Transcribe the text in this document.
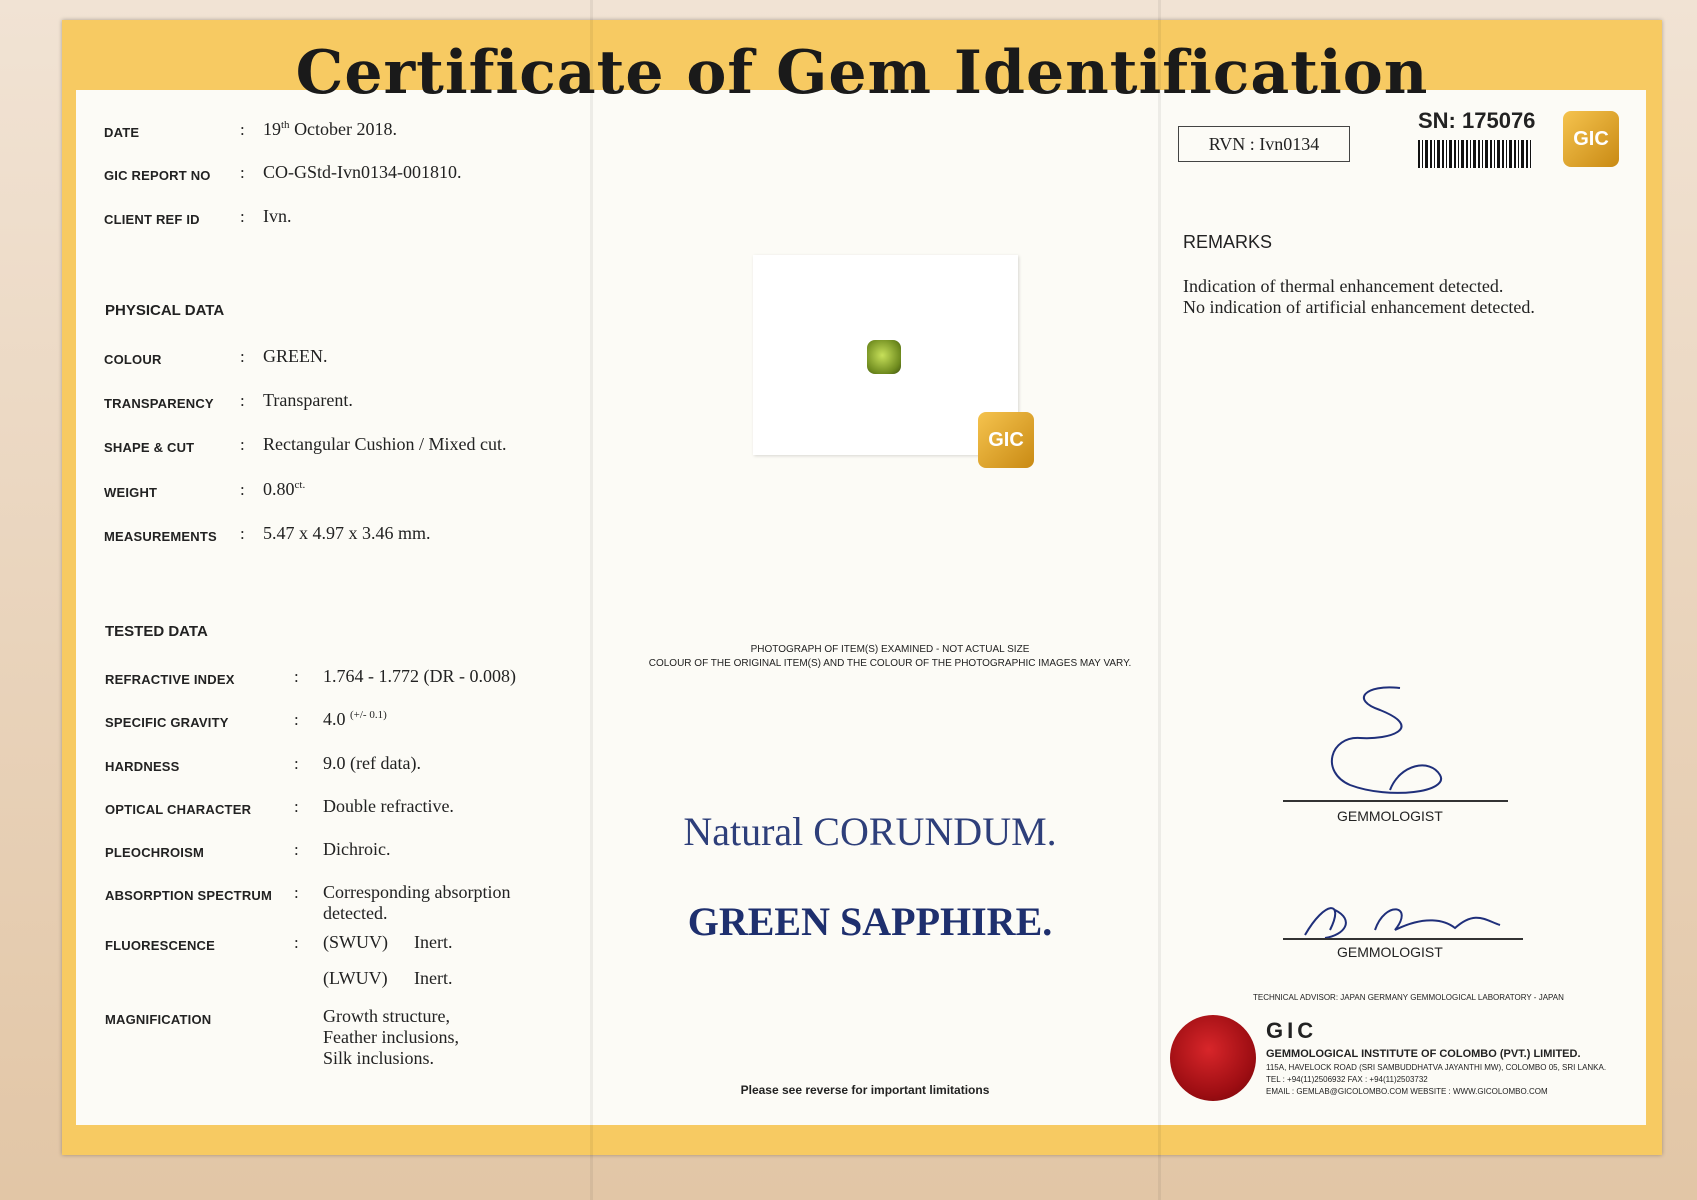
Certificate of Gem Identification
DATE	: 19th October 2018.
GIC REPORT NO : CO-GStd-Ivn0134-001810.
CLIENT REF ID : Ivn.
PHYSICAL DATA
COLOUR	: GREEN.
TRANSPARENCY : Transparent.
SHAPE & CUT	: Rectangular Cushion / Mixed cut.
WEIGHT	: $0.80^{ct.}$
MEASUREMENTS : 5.47 x 4.97 x 3.46 mm.
TESTED DATA
REFRACTIVE INDEX	: 1.764 - 1.772 (DR - 0.008)
SPECIFIC GRAVITY	: 4.0 $^{(+/- 0.1)}$
HARDNESS	: 9.0 (ref data).
OPTICAL CHARACTER	: Double refractive.
PLEOCHROISM	: Dichroic.
ABSORPTION SPECTRUM : Corresponding absorption
detected.
FLUORESCENCE	: (SWUV) Inert.
(LWUV) Inert.
MAGNIFICATION	Growth structure,
Feather inclusions,
Silk inclusions.
GIC
PHOTOGRAPH OF ITEM(S) EXAMINED - NOT ACTUAL SIZE
COLOUR OF THE ORIGINAL ITEM(S) AND THE COLOUR OF THE PHOTOGRAPHIC IMAGES MAY VARY.
Natural CORUNDUM.
GREEN SAPPHIRE.
Please see reverse for important limitations
RVN : Ivn0134
SN: 175076
GIC
REMARKS
Indication of thermal enhancement detected.
No indication of artificial enhancement detected.
GEMMOLOGIST
GEMMOLOGIST
TECHNICAL ADVISOR: JAPAN GERMANY GEMMOLOGICAL LABORATORY - JAPAN
GIC
GEMMOLOGICAL INSTITUTE OF COLOMBO (PVT.) LIMITED.
115A, HAVELOCK ROAD (SRI SAMBUDDHATVA JAYANTHI MW), COLOMBO 05, SRI LANKA.
TEL : +94(11)2506932 FAX : +94(11)2503732
EMAIL : GEMLAB@GICOLOMBO.COM WEBSITE : WWW.GICOLOMBO.COM
